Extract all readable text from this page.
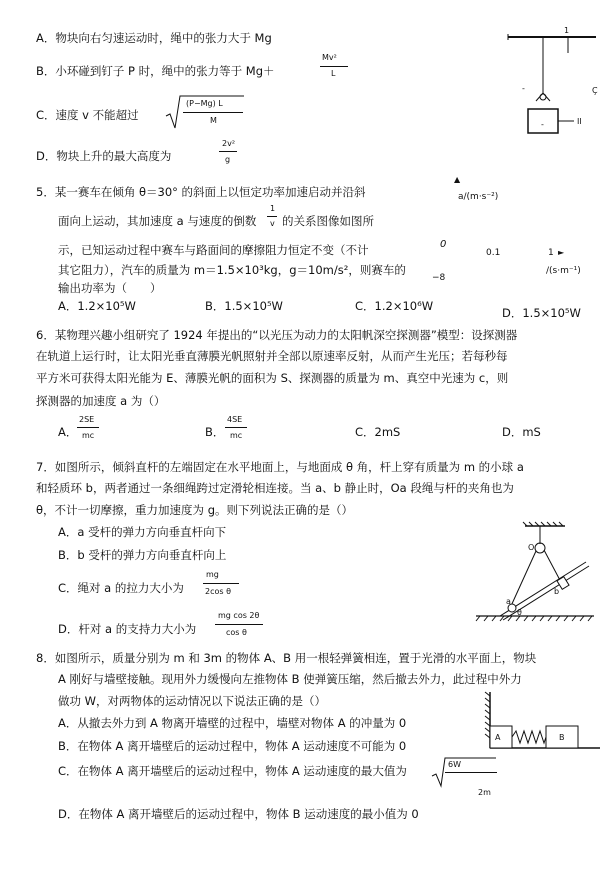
A．物块向右匀速运动时，绳中的张力大于 Mg
B．小环碰到钉子 P 时，绳中的张力等于 Mg＋
Mv²
L
C．速度 v 不能超过
(P−Mg) L
M
D．物块上升的最大高度为
2v²
g
1
-	Ç
II
-
5．某一赛车在倾角 θ＝30° 的斜面上以恒定功率加速启动并沿斜
面向上运动，其加速度 a 与速度的倒数
1
v 的关系图像如图所
示，已知运动过程中赛车与路面间的摩擦阻力恒定不变（不计
其它阻力），汽车的质量为 m＝1.5×10³kg，g＝10m/s²，则赛车的
输出功率为（　　）
A．1.2×10⁵W	B．1.5×10⁵W	C．1.2×10⁶W	D．1.5×10⁵W
▲
a/(m·s⁻²)
0
0.1	1 ►
−8
/(s·m⁻¹)
6．某物理兴趣小组研究了 1924 年提出的“以光压为动力的太阳帆深空探测器”模型：设探测器
在轨道上运行时，让太阳光垂直薄膜光帆照射并全部以原速率反射，从而产生光压；若每秒每
平方米可获得太阳光能为 E、薄膜光帆的面积为 S、探测器的质量为 m、真空中光速为 c，则
探测器的加速度 a 为（）
A．
2SE
mc	B．
4SE
mc	C．2mS	D．mS
7．如图所示，倾斜直杆的左端固定在水平地面上，与地面成 θ 角，杆上穿有质量为 m 的小球 a
和轻质环 b，两者通过一条细绳跨过定滑轮相连接。当 a、b 静止时，Oa 段绳与杆的夹角也为
θ，不计一切摩擦，重力加速度为 g。则下列说法正确的是（）
A．a 受杆的弹力方向垂直杆向下
B．b 受杆的弹力方向垂直杆向上
C．绳对 a 的拉力大小为
mg
2cos θ
D．杆对 a 的支持力大小为
mg cos 2θ
cos θ
O
b
a
θ
8．如图所示，质量分别为 m 和 3m 的物体 A、B 用一根轻弹簧相连，置于光滑的水平面上，物块
A 刚好与墙壁接触。现用外力缓慢向左推物体 B 使弹簧压缩，然后撤去外力，此过程中外力
做功 W，对两物体的运动情况以下说法正确的是（）
A．从撤去外力到 A 物离开墙壁的过程中，墙壁对物体 A 的冲量为 0
B．在物体 A 离开墙壁后的运动过程中，物体 A 运动速度不可能为 0
C．在物体 A 离开墙壁后的运动过程中，物体 A 运动速度的最大值为	6W
2m
D．在物体 A 离开墙壁后的运动过程中，物体 B 运动速度的最小值为 0
A	B
